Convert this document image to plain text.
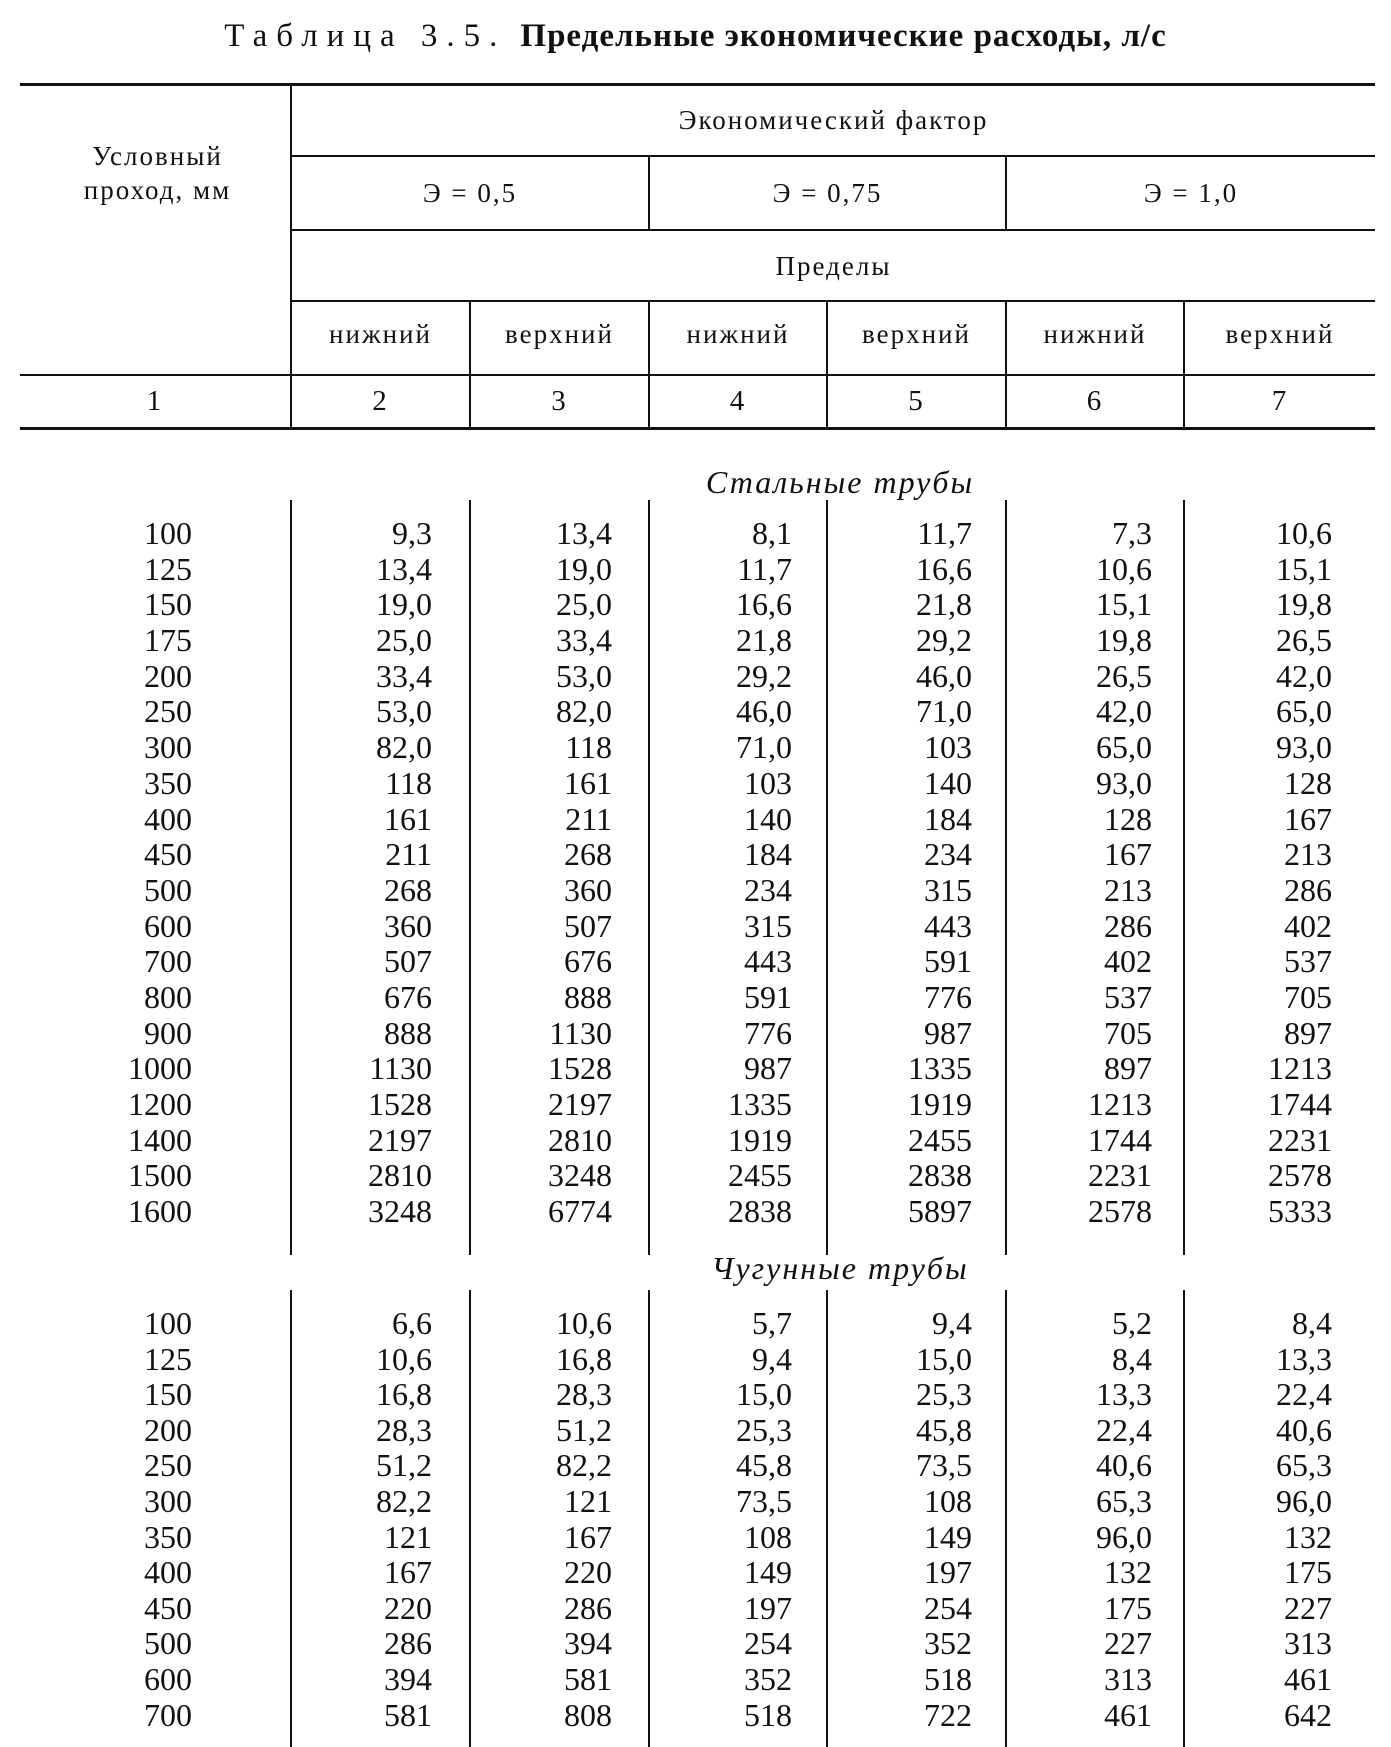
Таблица 3.5. Предельные экономические расходы, л/с
Условный проход, мм
Экономический фактор
Э = 0,5	Э = 0,75	Э = 1,0
Пределы
нижний	верхний	нижний	верхний	нижний	верхний
1	2	3	4	5	6	7
Стальные трубы
100	9,3	13,4	8,1	11,7	7,3	10,6
125	13,4	19,0	11,7	16,6	10,6	15,1
150	19,0	25,0	16,6	21,8	15,1	19,8
175	25,0	33,4	21,8	29,2	19,8	26,5
200	33,4	53,0	29,2	46,0	26,5	42,0
250	53,0	82,0	46,0	71,0	42,0	65,0
300	82,0	118	71,0	103	65,0	93,0
350	118	161	103	140	93,0	128
400	161	211	140	184	128	167
450	211	268	184	234	167	213
500	268	360	234	315	213	286
600	360	507	315	443	286	402
700	507	676	443	591	402	537
800	676	888	591	776	537	705
900	888	1130	776	987	705	897
1000	1130	1528	987	1335	897	1213
1200	1528	2197	1335	1919	1213	1744
1400	2197	2810	1919	2455	1744	2231
1500	2810	3248	2455	2838	2231	2578
1600	3248	6774	2838	5897	2578	5333
Чугунные трубы
100	6,6	10,6	5,7	9,4	5,2	8,4
125	10,6	16,8	9,4	15,0	8,4	13,3
150	16,8	28,3	15,0	25,3	13,3	22,4
200	28,3	51,2	25,3	45,8	22,4	40,6
250	51,2	82,2	45,8	73,5	40,6	65,3
300	82,2	121	73,5	108	65,3	96,0
350	121	167	108	149	96,0	132
400	167	220	149	197	132	175
450	220	286	197	254	175	227
500	286	394	254	352	227	313
600	394	581	352	518	313	461
700	581	808	518	722	461	642
